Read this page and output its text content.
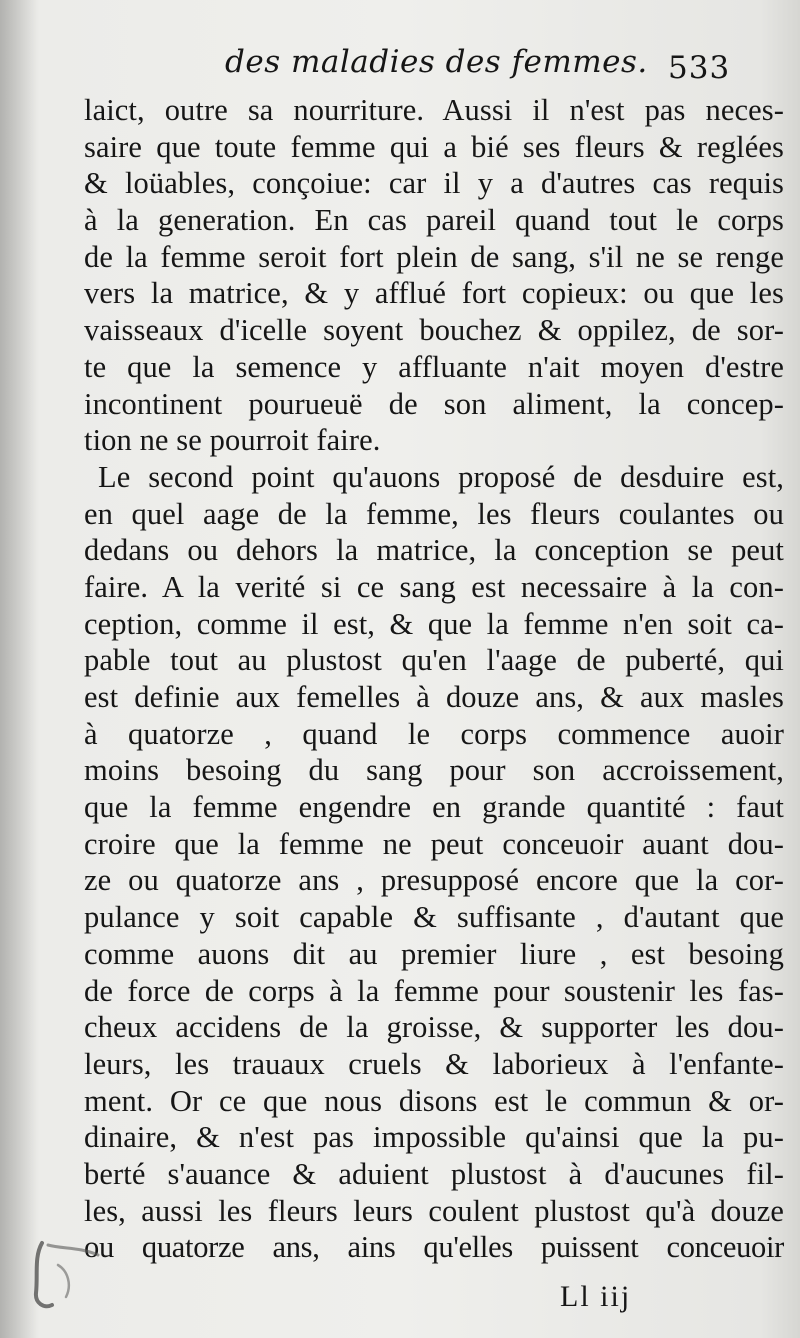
des maladies des femmes. 533
laict, outre sa nourriture. Aussi il n'est pas neces-
saire que toute femme qui a bié ses fleurs & reglées
& loüables, conçoiue: car il y a d'autres cas requis
à la generation. En cas pareil quand tout le corps
de la femme seroit fort plein de sang, s'il ne se renge
vers la matrice, & y afflué fort copieux: ou que les
vaisseaux d'icelle soyent bouchez & oppilez, de sor-
te que la semence y affluante n'ait moyen d'estre
incontinent pourueuë de son aliment, la concep-
tion ne se pourroit faire.
Le second point qu'auons proposé de desduire est,
en quel aage de la femme, les fleurs coulantes ou
dedans ou dehors la matrice, la conception se peut
faire. A la verité si ce sang est necessaire à la con-
ception, comme il est, & que la femme n'en soit ca-
pable tout au plustost qu'en l'aage de puberté, qui
est definie aux femelles à douze ans, & aux masles
à quatorze , quand le corps commence auoir
moins besoing du sang pour son accroissement,
que la femme engendre en grande quantité : faut
croire que la femme ne peut conceuoir auant dou-
ze ou quatorze ans , presupposé encore que la cor-
pulance y soit capable & suffisante , d'autant que
comme auons dit au premier liure , est besoing
de force de corps à la femme pour soustenir les fas-
cheux accidens de la groisse, & supporter les dou-
leurs, les trauaux cruels & laborieux à l'enfante-
ment. Or ce que nous disons est le commun & or-
dinaire, & n'est pas impossible qu'ainsi que la pu-
berté s'auance & aduient plustost à d'aucunes fil-
les, aussi les fleurs leurs coulent plustost qu'à douze
ou quatorze ans, ains qu'elles puissent conceuoir
Ll iij
